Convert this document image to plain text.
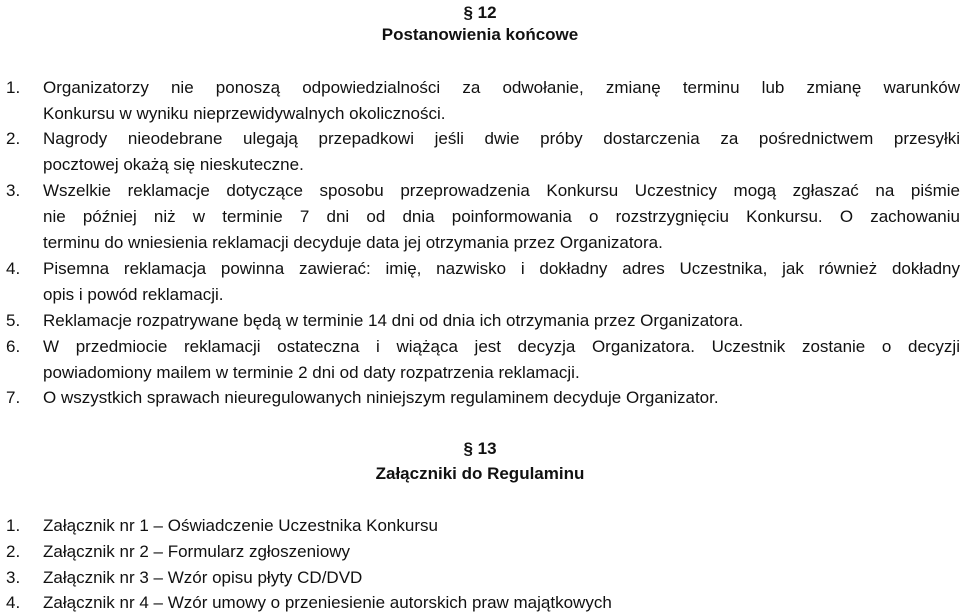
§ 12
Postanowienia końcowe
1. Organizatorzy nie ponoszą odpowiedzialności za odwołanie, zmianę terminu lub zmianę warunków
Konkursu w wyniku nieprzewidywalnych okoliczności.
2. Nagrody nieodebrane ulegają przepadkowi jeśli dwie próby dostarczenia za pośrednictwem przesyłki
pocztowej okażą się nieskuteczne.
3. Wszelkie reklamacje dotyczące sposobu przeprowadzenia Konkursu Uczestnicy mogą zgłaszać na piśmie
nie później niż w terminie 7 dni od dnia poinformowania o rozstrzygnięciu Konkursu. O zachowaniu
terminu do wniesienia reklamacji decyduje data jej otrzymania przez Organizatora.
4. Pisemna reklamacja powinna zawierać: imię, nazwisko i dokładny adres Uczestnika, jak również dokładny
opis i powód reklamacji.
5. Reklamacje rozpatrywane będą w terminie 14 dni od dnia ich otrzymania przez Organizatora.
6. W przedmiocie reklamacji ostateczna i wiążąca jest decyzja Organizatora. Uczestnik zostanie o decyzji
powiadomiony mailem w terminie 2 dni od daty rozpatrzenia reklamacji.
7. O wszystkich sprawach nieuregulowanych niniejszym regulaminem decyduje Organizator.
§ 13
Załączniki do Regulaminu
1. Załącznik nr 1 – Oświadczenie Uczestnika Konkursu
2. Załącznik nr 2 – Formularz zgłoszeniowy
3. Załącznik nr 3 – Wzór opisu płyty CD/DVD
4. Załącznik nr 4 – Wzór umowy o przeniesienie autorskich praw majątkowych
